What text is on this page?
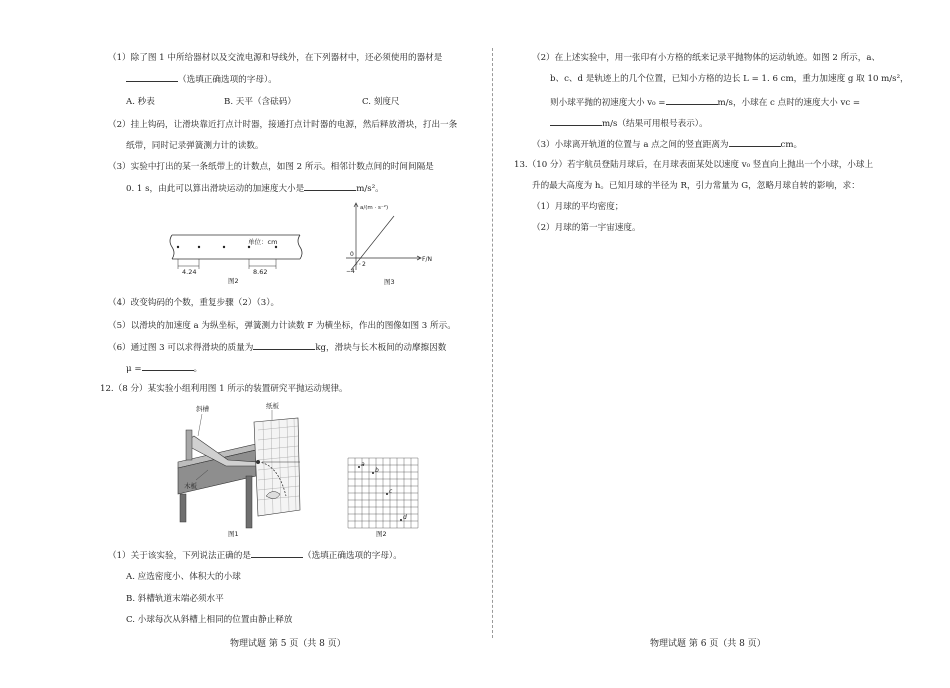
（1）除了图 1 中所给器材以及交流电源和导线外，在下列器材中，还必须使用的器材是
（选填正确选项的字母）。
A. 秒表	B. 天平（含砝码）	C. 刻度尺
（2）挂上钩码，让滑块靠近打点计时器，接通打点计时器的电源，然后释放滑块，打出一条
纸带，同时记录弹簧测力计的读数。
（3）实验中打出的某一条纸带上的计数点，如图 2 所示。相邻计数点间的时间间隔是
0. 1 s，由此可以算出滑块运动的加速度大小是	m/s²。
4.24	8.62
单位：cm
图2
a/(m · s⁻²)
F/N
0
2
−4
图3
（4）改变钩码的个数，重复步骤（2）（3）。
（5）以滑块的加速度 a 为纵坐标，弹簧测力计读数 F 为横坐标，作出的图像如图 3 所示。
（6）通过图 3 可以求得滑块的质量为	kg，滑块与长木板间的动摩擦因数
μ =	。
12.（8 分）某实验小组利用图 1 所示的装置研究平抛运动规律。
斜槽	纸板
木板
图1
a
b
c
d
图2
（1）关于该实验，下列说法正确的是	（选填正确选项的字母）。
A. 应选密度小、体积大的小球
B. 斜槽轨道末端必须水平
C. 小球每次从斜槽上相同的位置由静止释放
物理试题 第 5 页（共 8 页）
（2）在上述实验中，用一张印有小方格的纸来记录平抛物体的运动轨迹。如图 2 所示，a、
b、c、d 是轨迹上的几个位置，已知小方格的边长 L = 1. 6 cm，重力加速度 g 取 10 m/s²，
则小球平抛的初速度大小 v₀ =	m/s，小球在 c 点时的速度大小 vc =
m/s（结果可用根号表示）。
（3）小球离开轨道的位置与 a 点之间的竖直距离为	cm。
13.（10 分）若宇航员登陆月球后，在月球表面某处以速度 v₀ 竖直向上抛出一个小球，小球上
升的最大高度为 h。已知月球的半径为 R，引力常量为 G，忽略月球自转的影响，求：
（1）月球的平均密度；
（2）月球的第一宇宙速度。
物理试题 第 6 页（共 8 页）
